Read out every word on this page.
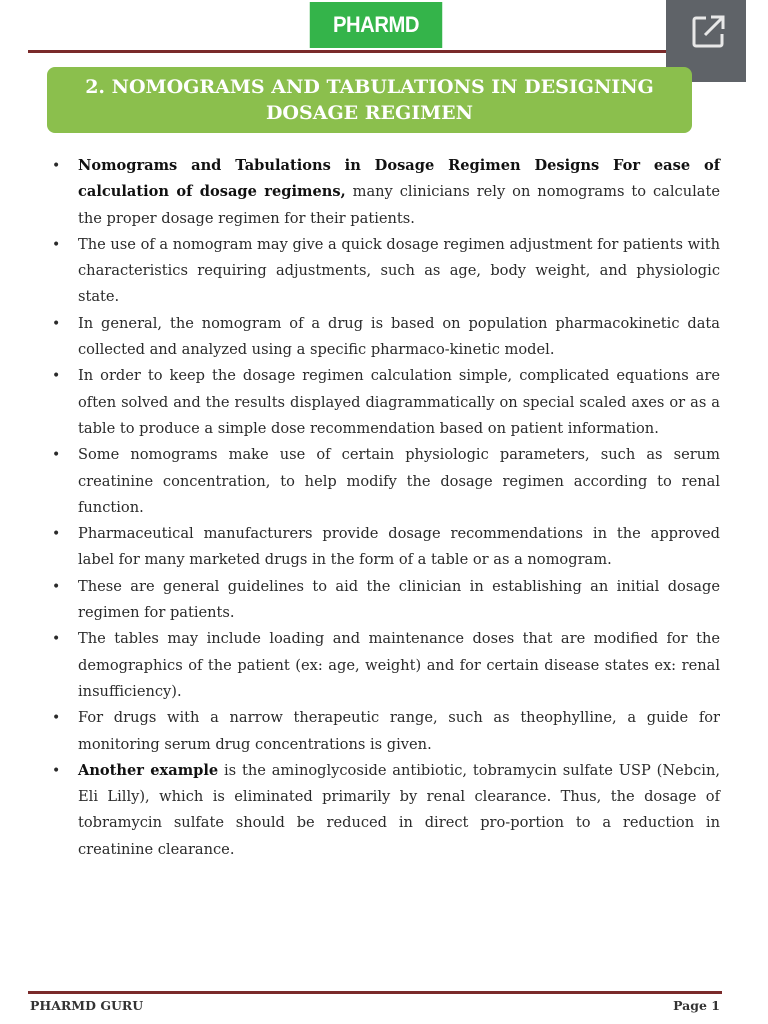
PHARMD
2. NOMOGRAMS AND TABULATIONS IN DESIGNING
DOSAGE REGIMEN
• Nomograms and Tabulations in Dosage Regimen Designs For ease of calculation of dosage regimens, many clinicians rely on nomograms to calculate the proper dosage regimen for their patients.
• The use of a nomogram may give a quick dosage regimen adjustment for patients with characteristics requiring adjustments, such as age, body weight, and physiologic state.
• In general, the nomogram of a drug is based on population pharmacokinetic data collected and analyzed using a specific pharmaco-kinetic model.
• In order to keep the dosage regimen calculation simple, complicated equations are often solved and the results displayed diagrammatically on special scaled axes or as a table to produce a simple dose recommendation based on patient information.
• Some nomograms make use of certain physiologic parameters, such as serum creatinine concentration, to help modify the dosage regimen according to renal function.
• Pharmaceutical manufacturers provide dosage recommendations in the approved label for many marketed drugs in the form of a table or as a nomogram.
• These are general guidelines to aid the clinician in establishing an initial dosage regimen for patients.
• The tables may include loading and maintenance doses that are modified for the demographics of the patient (ex: age, weight) and for certain disease states ex: renal insufficiency).
• For drugs with a narrow therapeutic range, such as theophylline, a guide for monitoring serum drug concentrations is given.
• Another example is the aminoglycoside antibiotic, tobramycin sulfate USP (Nebcin, Eli Lilly), which is eliminated primarily by renal clearance. Thus, the dosage of tobramycin sulfate should be reduced in direct pro-portion to a reduction in creatinine clearance.
PHARMD GURU	Page 1
